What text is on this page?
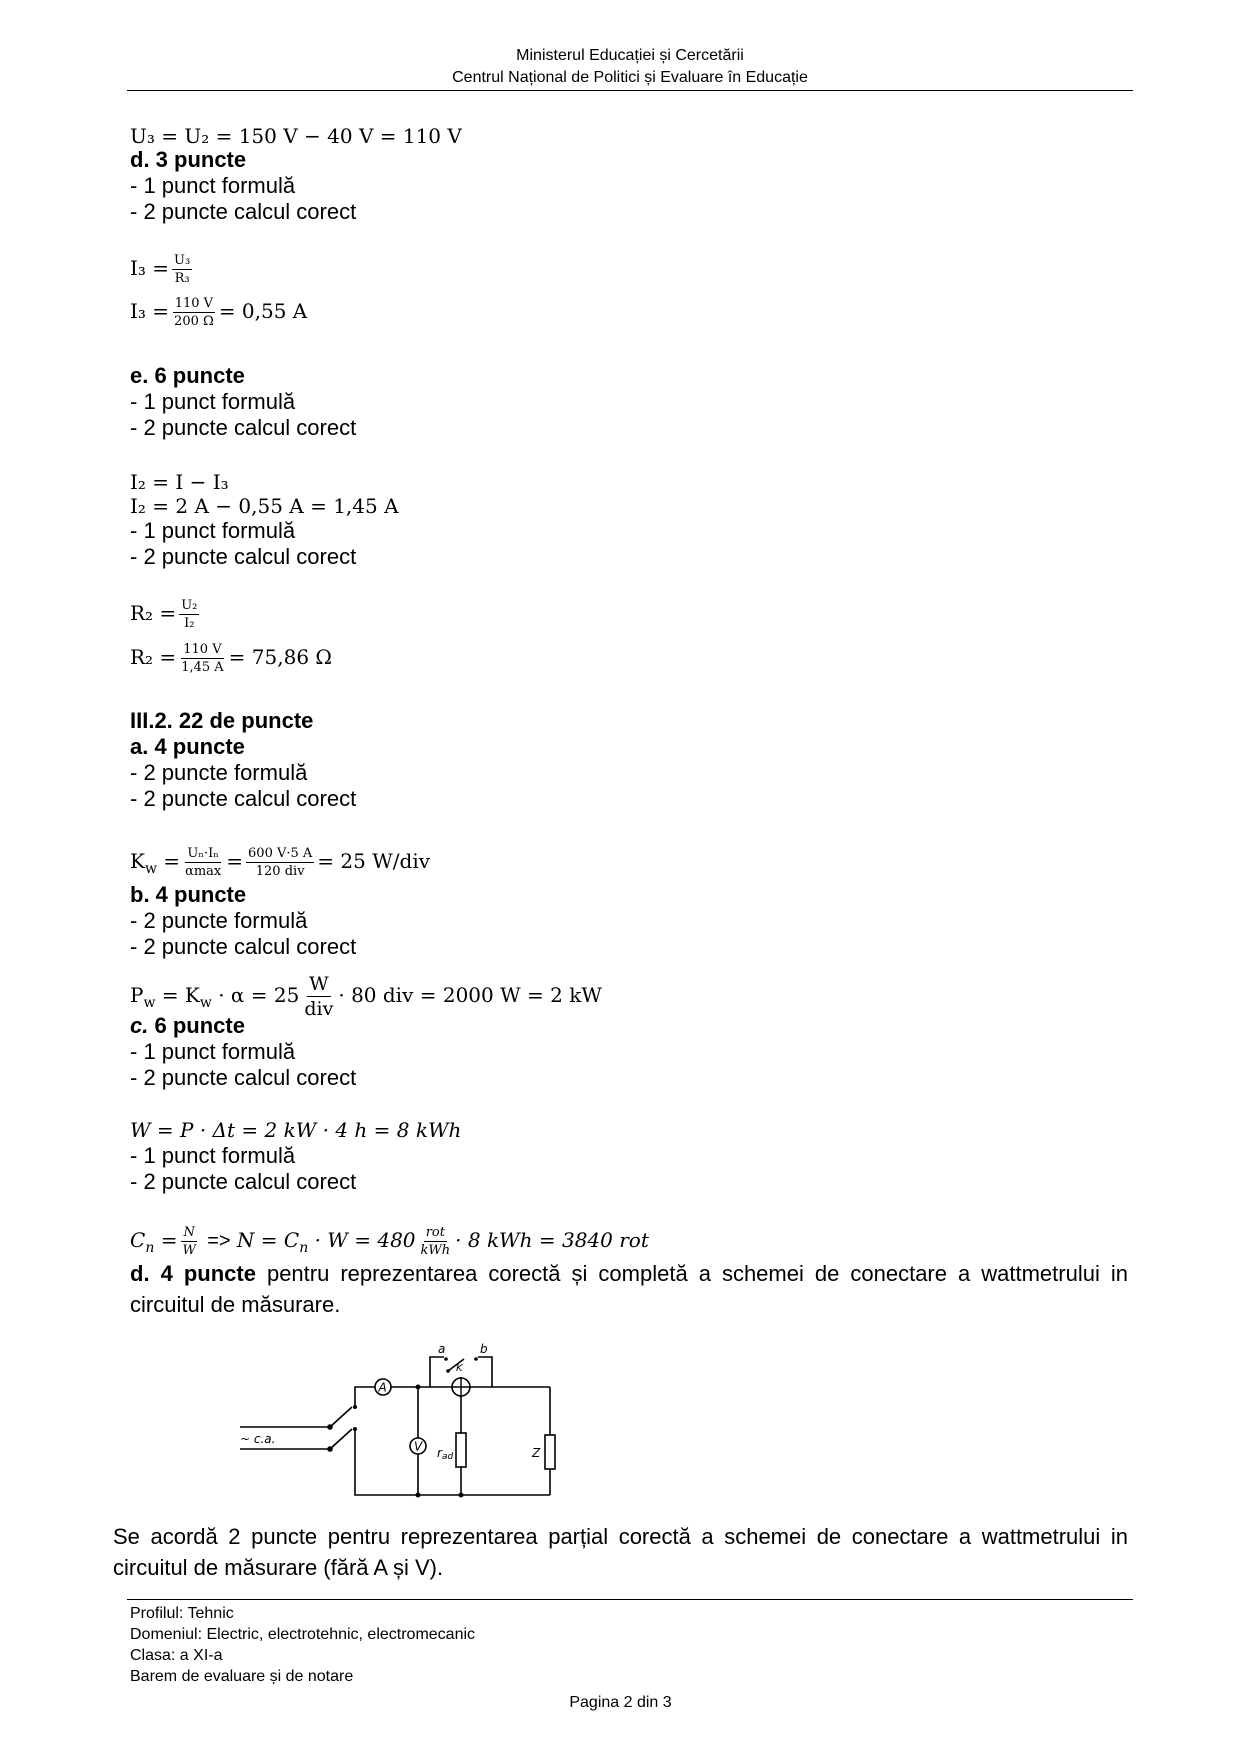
Ministerul Educației și Cercetării
Centrul Național de Politici și Evaluare în Educație
U₃ = U₂ = 150 V − 40 V = 110 V
d. 3 puncte
- 1 punct formulă
- 2 puncte calcul corect
$I_3 = \frac{\text{U₃}}{\text{R₃}}$
$I_3 = \frac{110 V}{200 \Omega} = 0,55$ A
e. 6 puncte
- 1 punct formulă
- 2 puncte calcul corect
I₂ = I − I₃
I₂ = 2 A − 0,55 A = 1,45 A
- 1 punct formulă
- 2 puncte calcul corect
$R_2 = \frac{\text{U₂}}{\text{I₂}}$
$R_2 = \frac{110 V}{1,45 A} = 75,86$ Ω
III.2. 22 de puncte
a. 4 puncte
- 2 puncte formulă
- 2 puncte calcul corect
$K_w = \frac{\text{Uₙ·Iₙ}}{\alpha\max} = \frac{600 V\cdot 5 A}{\text{120 div}} = 25$ W/div
b. 4 puncte
- 2 puncte formulă
- 2 puncte calcul corect
$P_w = K_w \cdot \alpha = 25 \frac{W}{\text{div}} \cdot 80$ div = 2000 W = 2 kW
c. 6 puncte
- 1 punct formulă
- 2 puncte calcul corect
W = P · Δt = 2 kW · 4 h = 8 kWh
- 1 punct formulă
- 2 puncte calcul corect
$C_n = \frac{N}{W} => N = C_n \cdot W = 480 \frac{\text{rot}}{\text{kWh}} \cdot 8$ kWh = 3840 rot
d. 4 puncte pentru reprezentarea corectă și completă a schemei de conectare a wattmetrului in circuitul de măsurare.
A
V rad	Z
~ c.a.
K
a	b
Se acordă 2 puncte pentru reprezentarea parțial corectă a schemei de conectare a wattmetrului in circuitul de măsurare (fără A și V).
Profilul: Tehnic
Domeniul: Electric, electrotehnic, electromecanic
Clasa: a XI-a
Barem de evaluare și de notare
Pagina 2 din 3
